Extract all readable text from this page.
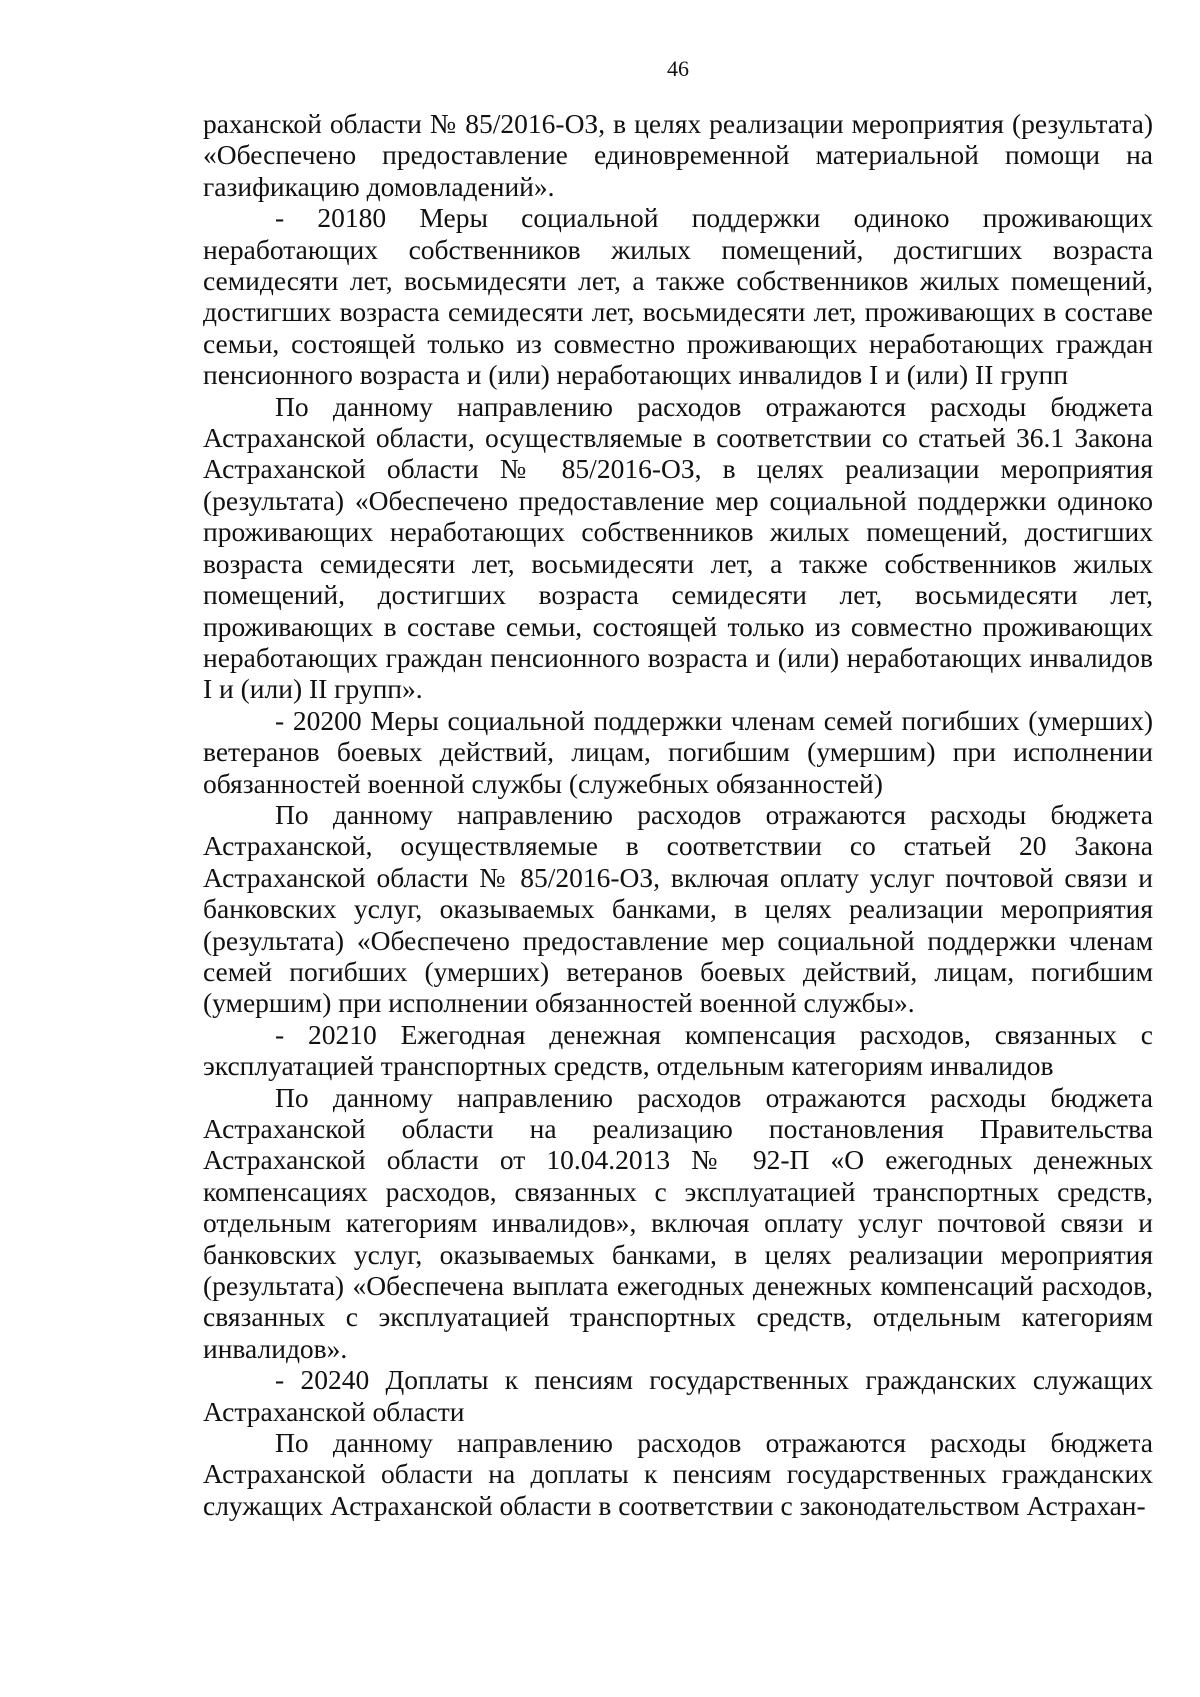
46

раханской области № 85/2016-ОЗ, в целях реализации мероприятия (результата) «Обеспечено предоставление единовременной материальной помощи на газификацию домовладений».

- 20180 Меры социальной поддержки одиноко проживающих неработающих собственников жилых помещений, достигших возраста семидесяти лет, восьмидесяти лет, а также собственников жилых помещений, достигших возраста семидесяти лет, восьмидесяти лет, проживающих в составе семьи, состоящей только из совместно проживающих неработающих граждан пенсионного возраста и (или) неработающих инвалидов I и (или) II групп

По данному направлению расходов отражаются расходы бюджета Астраханской области, осуществляемые в соответствии со статьей 36.1 Закона Астраханской области № 85/2016-ОЗ, в целях реализации мероприятия (результата) «Обеспечено предоставление мер социальной поддержки одиноко проживающих неработающих собственников жилых помещений, достигших возраста семидесяти лет, восьмидесяти лет, а также собственников жилых помещений, достигших возраста семидесяти лет, восьмидесяти лет, проживающих в составе семьи, состоящей только из совместно проживающих неработающих граждан пенсионного возраста и (или) неработающих инвалидов I и (или) II групп».

- 20200 Меры социальной поддержки членам семей погибших (умерших) ветеранов боевых действий, лицам, погибшим (умершим) при исполнении обязанностей военной службы (служебных обязанностей)

По данному направлению расходов отражаются расходы бюджета Астраханской, осуществляемые в соответствии со статьей 20 Закона Астраханской области № 85/2016-ОЗ, включая оплату услуг почтовой связи и банковских услуг, оказываемых банками, в целях реализации мероприятия (результата) «Обеспечено предоставление мер социальной поддержки членам семей погибших (умерших) ветеранов боевых действий, лицам, погибшим (умершим) при исполнении обязанностей военной службы».

- 20210 Ежегодная денежная компенсация расходов, связанных с эксплуатацией транспортных средств, отдельным категориям инвалидов

По данному направлению расходов отражаются расходы бюджета Астраханской области на реализацию постановления Правительства Астраханской области от 10.04.2013 № 92-П «О ежегодных денежных компенсациях расходов, связанных с эксплуатацией транспортных средств, отдельным категориям инвалидов», включая оплату услуг почтовой связи и банковских услуг, оказываемых банками, в целях реализации мероприятия (результата) «Обеспечена выплата ежегодных денежных компенсаций расходов, связанных с эксплуатацией транспортных средств, отдельным категориям инвалидов».

- 20240 Доплаты к пенсиям государственных гражданских служащих Астраханской области

По данному направлению расходов отражаются расходы бюджета Астраханской области на доплаты к пенсиям государственных гражданских служащих Астраханской области в соответствии с законодательством Астрахан-
